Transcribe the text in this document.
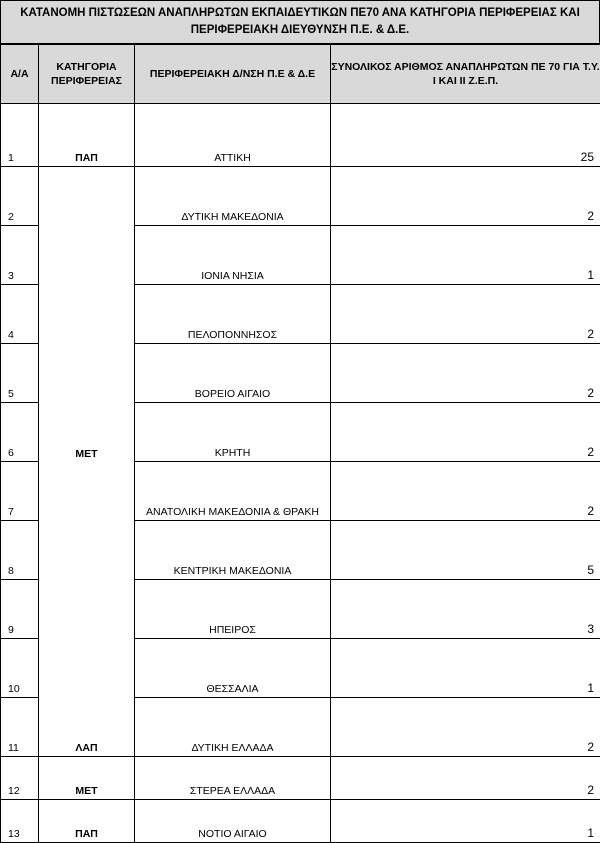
ΚΑΤΑΝΟΜΗ ΠΙΣΤΩΣΕΩΝ ΑΝΑΠΛΗΡΩΤΩΝ ΕΚΠΑΙΔΕΥΤΙΚΩΝ ΠΕ70 ΑΝΑ ΚΑΤΗΓΟΡΙΑ ΠΕΡΙΦΕΡΕΙΑΣ ΚΑΙ ΠΕΡΙΦΕΡΕΙΑΚΗ ΔΙΕΥΘΥΝΣΗ Π.Ε. & Δ.Ε.
Α/Α	ΚΑΤΗΓΟΡΙΑ ΠΕΡΙΦΕΡΕΙΑΣ	ΠΕΡΙΦΕΡΕΙΑΚΗ Δ/ΝΣΗ Π.Ε & Δ.Ε	ΣΥΝΟΛΙΚΟΣ ΑΡΙΘΜΟΣ ΑΝΑΠΛΗΡΩΤΩΝ ΠΕ 70 ΓΙΑ Τ.Υ. Ι ΚΑΙ ΙΙ Ζ.Ε.Π.
1	ΠΑΠ	ΑΤΤΙΚΗ	25
2		ΔΥΤΙΚΗ ΜΑΚΕΔΟΝΙΑ	2
3		ΙΟΝΙΑ ΝΗΣΙΑ	1
4		ΠΕΛΟΠΟΝΝΗΣΟΣ	2
5		ΒΟΡΕΙΟ ΑΙΓΑΙΟ	2
6	ΜΕΤ	ΚΡΗΤΗ	2
7		ΑΝΑΤΟΛΙΚΗ ΜΑΚΕΔΟΝΙΑ & ΘΡΑΚΗ	2
8		ΚΕΝΤΡΙΚΗ ΜΑΚΕΔΟΝΙΑ	5
9		ΗΠΕΙΡΟΣ	3
10		ΘΕΣΣΑΛΙΑ	1
11	ΛΑΠ	ΔΥΤΙΚΗ ΕΛΛΑΔΑ	2
12	ΜΕΤ	ΣΤΕΡΕΑ ΕΛΛΑΔΑ	2
13	ΠΑΠ	ΝΟΤΙΟ ΑΙΓΑΙΟ	1
